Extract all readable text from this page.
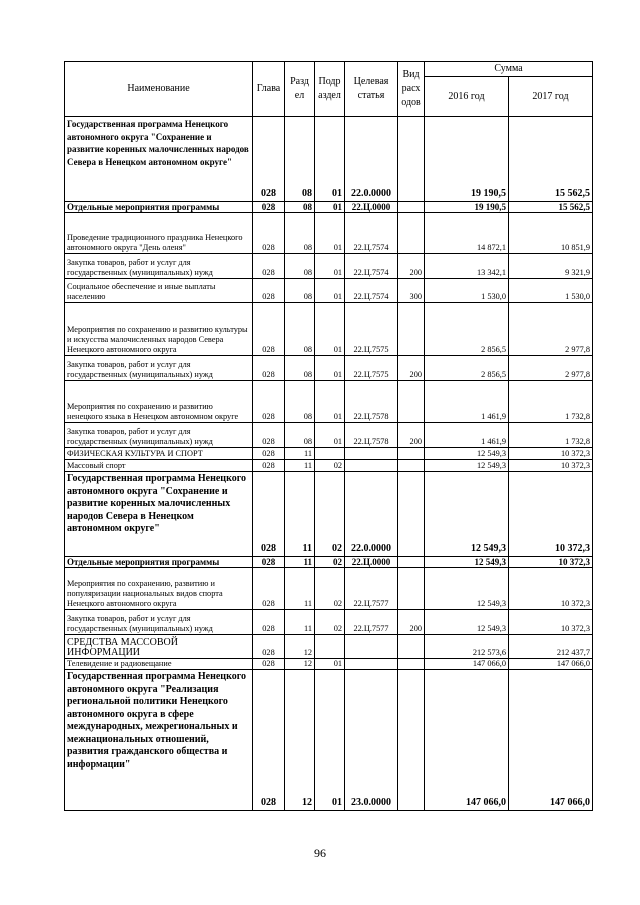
Наименование	Глава	Разд ел	Подр аздел	Целевая статья	Вид расх одов	Сумма	
						2016 год	2017 год
Государственная программа Ненецкого автономного округа "Сохранение и развитие коренных малочисленных народов Севера в Ненецком автономном округе"	028	08	01	22.0.0000		19 190,5	15 562,5
Отдельные мероприятия программы	028	08	01	22.Ц.0000		19 190,5	15 562,5
Проведение традиционного праздника Ненецкого автономного округа "День оленя"	028	08	01	22.Ц.7574		14 872,1	10 851,9
Закупка товаров, работ и услуг для государственных (муниципальных) нужд	028	08	01	22.Ц.7574	200	13 342,1	9 321,9
Социальное обеспечение и иные выплаты населению	028	08	01	22.Ц.7574	300	1 530,0	1 530,0
Мероприятия по сохранению и развитию культуры и искусства малочисленных народов Севера Ненецкого автономного округа	028	08	01	22.Ц.7575		2 856,5	2 977,8
Закупка товаров, работ и услуг для государственных (муниципальных) нужд	028	08	01	22.Ц.7575	200	2 856,5	2 977,8
Мероприятия по сохранению и развитию ненецкого языка в Ненецком автономном округе	028	08	01	22.Ц.7578		1 461,9	1 732,8
Закупка товаров, работ и услуг для государственных (муниципальных) нужд	028	08	01	22.Ц.7578	200	1 461,9	1 732,8
ФИЗИЧЕСКАЯ КУЛЬТУРА И СПОРТ	028	11				12 549,3	10 372,3
Массовый спорт	028	11	02			12 549,3	10 372,3
Государственная программа Ненецкого автономного округа "Сохранение и развитие коренных малочисленных народов Севера в Ненецком автономном округе"	028	11	02	22.0.0000		12 549,3	10 372,3
Отдельные мероприятия программы	028	11	02	22.Ц.0000		12 549,3	10 372,3
Мероприятия по сохранению, развитию и популяризации национальных видов спорта Ненецкого автономного округа	028	11	02	22.Ц.7577		12 549,3	10 372,3
Закупка товаров, работ и услуг для государственных (муниципальных) нужд	028	11	02	22.Ц.7577	200	12 549,3	10 372,3
СРЕДСТВА МАССОВОЙ ИНФОРМАЦИИ	028	12				212 573,6	212 437,7
Телевидение и радиовещание	028	12	01			147 066,0	147 066,0
Государственная программа Ненецкого автономного округа "Реализация региональной политики Ненецкого автономного округа в сфере международных, межрегиональных и межнациональных отношений, развития гражданского общества и информации"	028	12	01	23.0.0000		147 066,0	147 066,0
96
